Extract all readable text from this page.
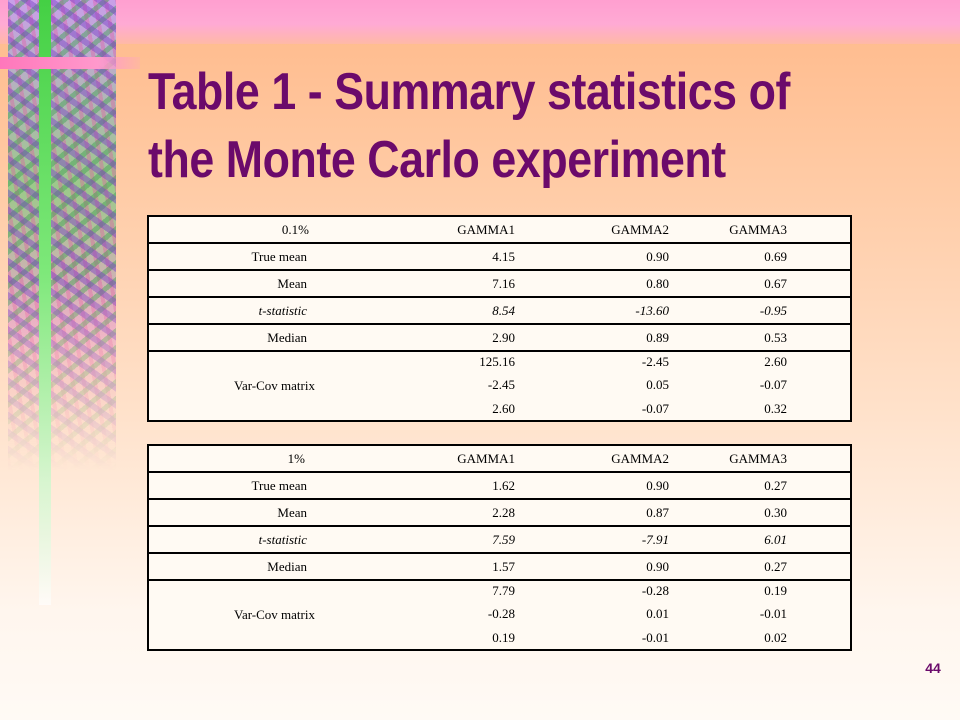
Table 1 - Summary statistics of the Monte Carlo experiment
0.1%	GAMMA1	GAMMA2	GAMMA3
True mean	4.15	0.90	0.69
Mean	7.16	0.80	0.67
t-statistic	8.54	-13.60	-0.95
Median	2.90	0.89	0.53
Var-Cov matrix
125.16	-2.45	2.60
-2.45	0.05	-0.07
2.60	-0.07	0.32
1%	GAMMA1	GAMMA2	GAMMA3
True mean	1.62	0.90	0.27
Mean	2.28	0.87	0.30
t-statistic	7.59	-7.91	6.01
Median	1.57	0.90	0.27
Var-Cov matrix
7.79	-0.28	0.19
-0.28	0.01	-0.01
0.19	-0.01	0.02
44
